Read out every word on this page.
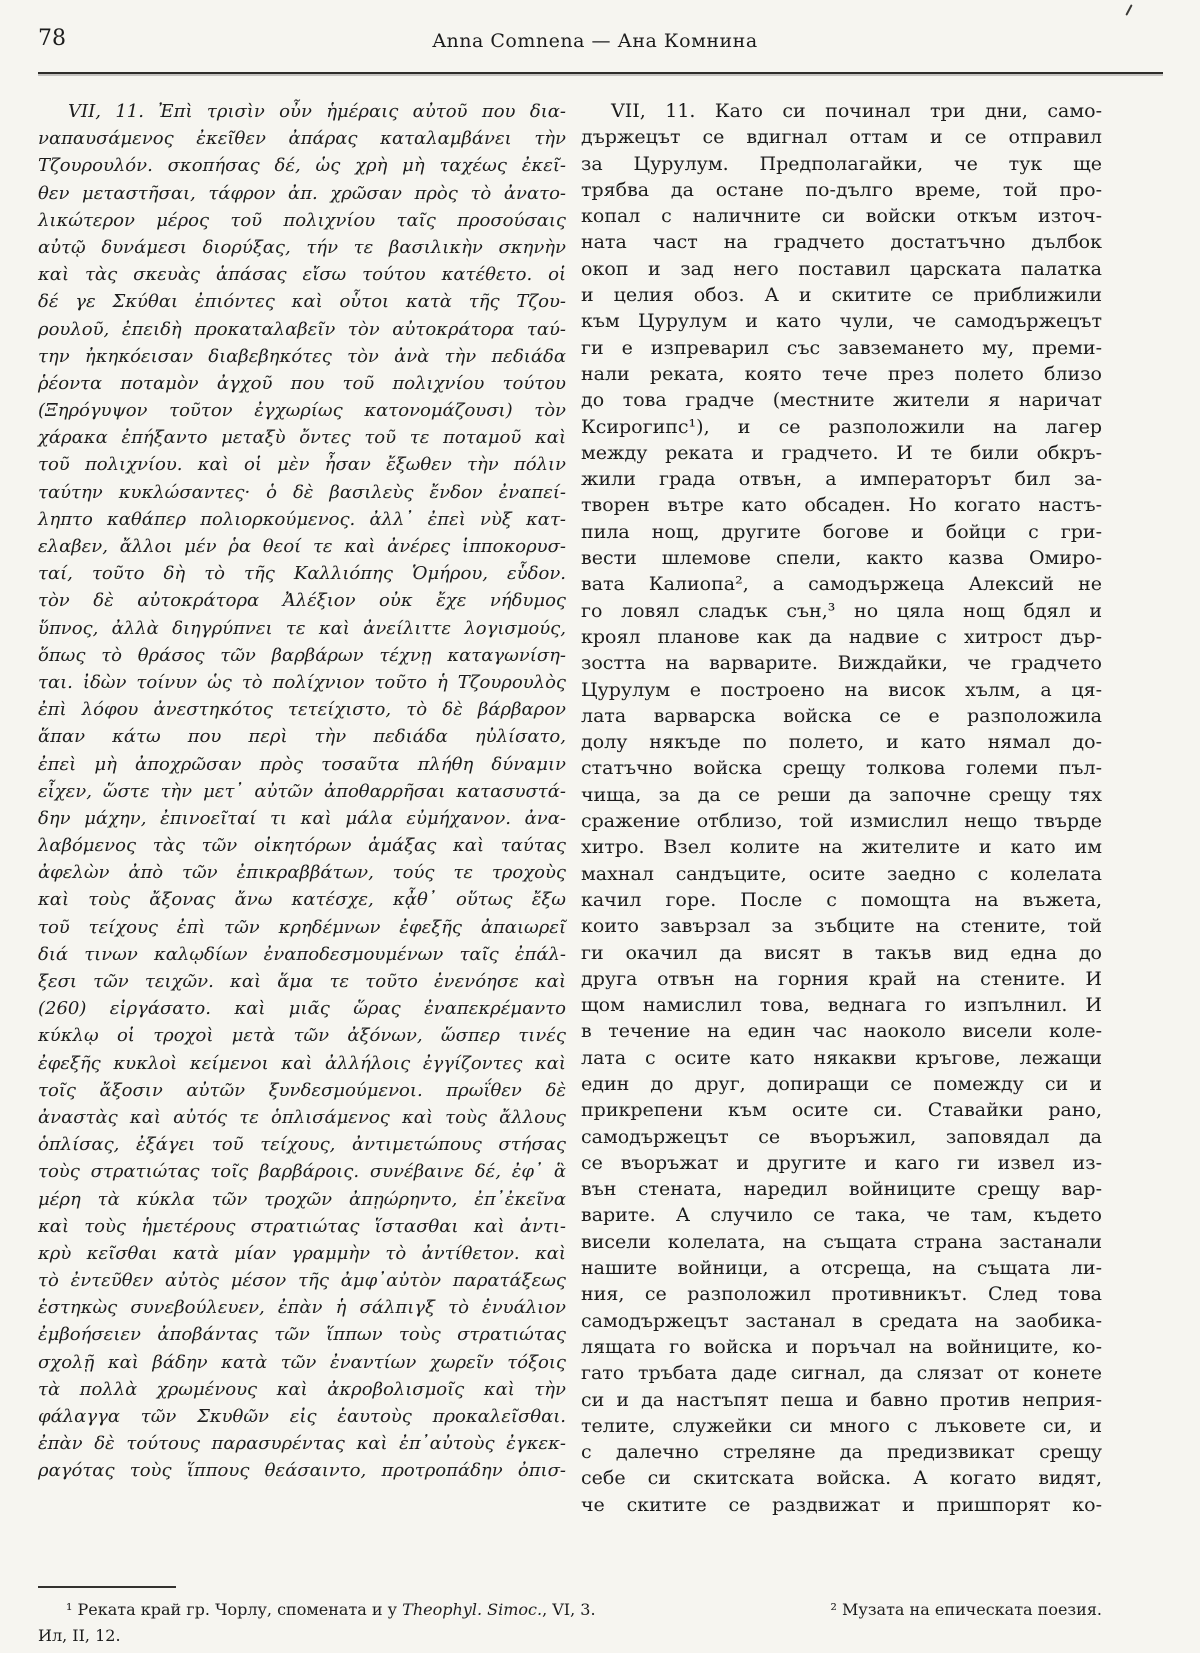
78	Anna Comnena — Ана Комнина
VII, 11. Ἐπὶ τρισὶν οὖν ἡμέραις αὐτοῦ που δια-
ναπαυσάμενος ἐκεῖθεν ἀπάρας καταλαμβάνει τὴν
Τζουρουλόν. σκοπήσας δέ, ὡς χρὴ μὴ ταχέως ἐκεῖ-
θεν μεταστῆσαι, τάφρον ἀπ. χρῶσαν πρὸς τὸ ἀνατο-
λικώτερον μέρος τοῦ πολιχνίου ταῖς προσούσαις
αὐτῷ δυνάμεσι διορύξας, τήν τε βασιλικὴν σκηνὴν
καὶ τὰς σκευὰς ἁπάσας εἴσω τούτου κατέθετο. οἱ
δέ γε Σκύθαι ἐπιόντες καὶ οὗτοι κατὰ τῆς Τζου-
ρουλοῦ, ἐπειδὴ προκαταλαβεῖν τὸν αὐτοκράτορα ταύ-
την ἠκηκόεισαν διαβεβηκότες τὸν ἀνὰ τὴν πεδιάδα
ῥέοντα ποταμὸν ἀγχοῦ που τοῦ πολιχνίου τούτου
(Ξηρόγυψον τοῦτον ἐγχωρίως κατονομάζουσι) τὸν
χάρακα ἐπήξαντο μεταξὺ ὄντες τοῦ τε ποταμοῦ καὶ
τοῦ πολιχνίου. καὶ οἱ μὲν ἦσαν ἔξωθεν τὴν πόλιν
ταύτην κυκλώσαντες· ὁ δὲ βασιλεὺς ἔνδον ἐναπεί-
ληπτο καθάπερ πολιορκούμενος. ἀλλ᾽ ἐπεὶ νὺξ κατ-
ελαβεν, ἄλλοι μέν ῥα θεοί τε καὶ ἀνέρες ἱπποκορυσ-
ταί, τοῦτο δὴ τὸ τῆς Καλλιόπης Ὁμήρου, εὗδον.
τὸν δὲ αὐτοκράτορα Ἀλέξιον οὐκ ἔχε νήδυμος
ὕπνος, ἀλλὰ διηγρύπνει τε καὶ ἀνείλιττε λογισμούς,
ὅπως τὸ θράσος τῶν βαρβάρων τέχνῃ καταγωνίση-
ται. ἰδὼν τοίνυν ὡς τὸ πολίχνιον τοῦτο ἡ Τζουρουλὸς
ἐπὶ λόφου ἀνεστηκότος τετείχιστο, τὸ δὲ βάρβαρον
ἅπαν κάτω που περὶ τὴν πεδιάδα ηὐλίσατο,
ἐπεὶ μὴ ἀποχρῶσαν πρὸς τοσαῦτα πλήθη δύναμιν
εἶχεν, ὥστε τὴν μετ᾽ αὐτῶν ἀποθαρρῆσαι κατασυστά-
δην μάχην, ἐπινοεῖταί τι καὶ μάλα εὐμήχανον. ἀνα-
λαβόμενος τὰς τῶν οἰκητόρων ἁμάξας καὶ ταύτας
ἀφελὼν ἀπὸ τῶν ἐπικραββάτων, τούς τε τροχοὺς
καὶ τοὺς ἄξονας ἄνω κατέσχε, κᾆθ᾽ οὕτως ἔξω
τοῦ τείχους ἐπὶ τῶν κρηδέμνων ἐφεξῆς ἀπαιωρεῖ
διά τινων καλῳδίων ἐναποδεσμουμένων ταῖς ἐπάλ-
ξεσι τῶν τειχῶν. καὶ ἅμα τε τοῦτο ἐνενόησε καὶ
(260) εἰργάσατο. καὶ μιᾶς ὥρας ἐναπεκρέμαντο
κύκλῳ οἱ τροχοὶ μετὰ τῶν ἀξόνων, ὥσπερ τινές
ἐφεξῆς κυκλοὶ κείμενοι καὶ ἀλλήλοις ἐγγίζοντες καὶ
τοῖς ἄξοσιν αὐτῶν ξυνδεσμούμενοι. πρωΐθεν δὲ
ἀναστὰς καὶ αὐτός τε ὁπλισάμενος καὶ τοὺς ἄλλους
ὁπλίσας, ἐξάγει τοῦ τείχους, ἀντιμετώπους στήσας
τοὺς στρατιώτας τοῖς βαρβάροις. συνέβαινε δέ, ἐφ᾽ ἃ
μέρη τὰ κύκλα τῶν τροχῶν ἀπῃώρηντο, ἐπ᾽ἐκεῖνα
καὶ τοὺς ἡμετέρους στρατιώτας ἵστασθαι καὶ ἀντι-
κρὺ κεῖσθαι κατὰ μίαν γραμμὴν τὸ ἀντίθετον. καὶ
τὸ ἐντεῦθεν αὐτὸς μέσον τῆς ἀμφ᾽αὐτὸν παρατάξεως
ἑστηκὼς συνεβούλευεν, ἐπὰν ἡ σάλπιγξ τὸ ἐνυάλιον
ἐμβοήσειεν ἀποβάντας τῶν ἵππων τοὺς στρατιώτας
σχολῇ καὶ βάδην κατὰ τῶν ἐναντίων χωρεῖν τόξοις
τὰ πολλὰ χρωμένους καὶ ἀκροβολισμοῖς καὶ τὴν
φάλαγγα τῶν Σκυθῶν εἰς ἑαυτοὺς προκαλεῖσθαι.
ἐπὰν δὲ τούτους παρασυρέντας καὶ ἐπ᾽αὐτοὺς ἐγκεκ-
ραγότας τοὺς ἵππους θεάσαιντο, προτροπάδην ὀπισ-
VII, 11. Като си починал три дни, само-
държецът се вдигнал оттам и се отправил
за Цурулум. Предполагайки, че тук ще
трябва да остане по-дълго време, той про-
копал с наличните си войски откъм източ-
ната част на градчето достатъчно дълбок
окоп и зад него поставил царската палатка
и целия обоз. А и скитите се приближили
към Цурулум и като чули, че самодържецът
ги е изпреварил със завземането му, преми-
нали реката, която тече през полето близо
до това градче (местните жители я наричат
Ксирогипс¹), и се разположили на лагер
между реката и градчето. И те били обкръ-
жили града отвън, а императорът бил за-
творен вътре като обсаден. Но когато настъ-
пила нощ, другите богове и бойци с гри-
вести шлемове спели, както казва Омиро-
вата Калиопа², а самодържеца Алексий не
го ловял сладък сън,³ но цяла нощ бдял и
кроял планове как да надвие с хитрост дър-
зостта на варварите. Виждайки, че градчето
Цурулум е построено на висок хълм, а ця-
лата варварска войска се е разположила
долу някъде по полето, и като нямал до-
статъчно войска срещу толкова големи пъл-
чища, за да се реши да започне срещу тях
сражение отблизо, той измислил нещо твърде
хитро. Взел колите на жителите и като им
махнал сандъците, осите заедно с колелата
качил горе. После с помощта на въжета,
които завързал за зъбците на стените, той
ги окачил да висят в такъв вид една до
друга отвън на горния край на стените. И
щом намислил това, веднага го изпълнил. И
в течение на един час наоколо висели коле-
лата с осите като някакви кръгове, лежащи
един до друг, допиращи се помежду си и
прикрепени към осите си. Ставайки рано,
самодържецът се въоръжил, заповядал да
се въоръжат и другите и каго ги извел из-
вън стената, наредил войниците срещу вар-
варите. А случило се така, че там, където
висели колелата, на същата страна застанали
нашите войници, а отсреща, на същата ли-
ния, се разположил противникът. След това
самодържецът застанал в средата на заобика-
лящата го войска и поръчал на войниците, ко-
гато тръбата даде сигнал, да слязат от конете
си и да настъпят пеша и бавно против неприя-
телите, служейки си много с лъковете си, и
с далечно стреляне да предизвикат срещу
себе си скитската войска. А когато видят,
че скитите се раздвижат и пришпорят ко-
¹ Реката край гр. Чорлу, спомената и у Theophyl. Simoc., VI, 3.	² Музата на епическата поезия.
Ил, II, 12.
